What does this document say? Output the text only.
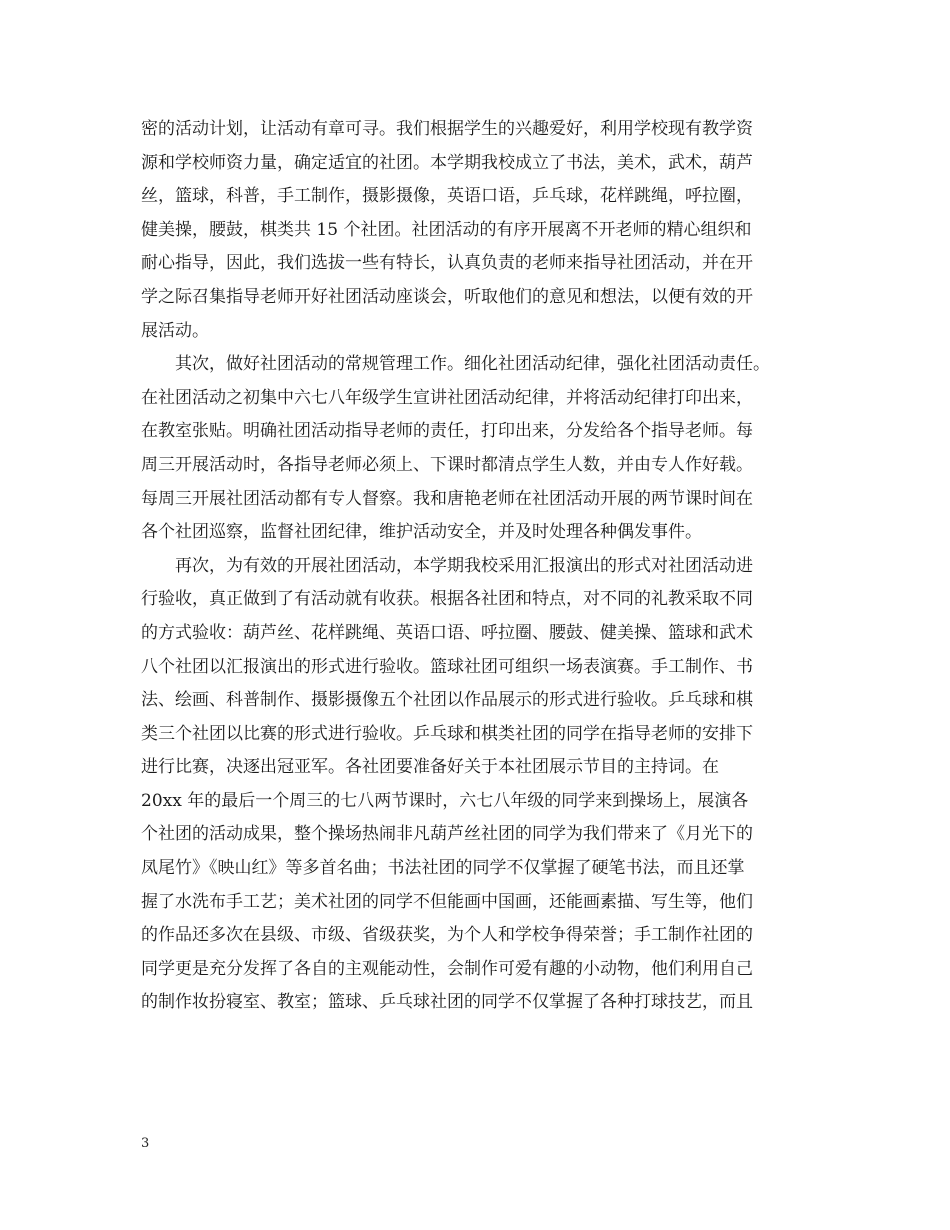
密的活动计划，让活动有章可寻。我们根据学生的兴趣爱好，利用学校现有教学资
源和学校师资力量，确定适宜的社团。本学期我校成立了书法，美术，武术，葫芦
丝，篮球，科普，手工制作，摄影摄像，英语口语，乒乓球，花样跳绳，呼拉圈，
健美操，腰鼓，棋类共 15 个社团。社团活动的有序开展离不开老师的精心组织和
耐心指导，因此，我们选拔一些有特长，认真负责的老师来指导社团活动，并在开
学之际召集指导老师开好社团活动座谈会，听取他们的意见和想法，以便有效的开
展活动。
　　其次，做好社团活动的常规管理工作。细化社团活动纪律，强化社团活动责任。
在社团活动之初集中六七八年级学生宣讲社团活动纪律，并将活动纪律打印出来，
在教室张贴。明确社团活动指导老师的责任，打印出来，分发给各个指导老师。每
周三开展活动时，各指导老师必须上、下课时都清点学生人数，并由专人作好载。
每周三开展社团活动都有专人督察。我和唐艳老师在社团活动开展的两节课时间在
各个社团巡察，监督社团纪律，维护活动安全，并及时处理各种偶发事件。
　　再次，为有效的开展社团活动，本学期我校采用汇报演出的形式对社团活动进
行验收，真正做到了有活动就有收获。根据各社团和特点，对不同的礼教采取不同
的方式验收：葫芦丝、花样跳绳、英语口语、呼拉圈、腰鼓、健美操、篮球和武术
八个社团以汇报演出的形式进行验收。篮球社团可组织一场表演赛。手工制作、书
法、绘画、科普制作、摄影摄像五个社团以作品展示的形式进行验收。乒乓球和棋
类三个社团以比赛的形式进行验收。乒乓球和棋类社团的同学在指导老师的安排下
进行比赛，决逐出冠亚军。各社团要准备好关于本社团展示节目的主持词。在
20xx 年的最后一个周三的七八两节课时，六七八年级的同学来到操场上，展演各
个社团的活动成果，整个操场热闹非凡葫芦丝社团的同学为我们带来了《月光下的
凤尾竹》《映山红》等多首名曲；书法社团的同学不仅掌握了硬笔书法，而且还掌
握了水洗布手工艺；美术社团的同学不但能画中国画，还能画素描、写生等，他们
的作品还多次在县级、市级、省级获奖，为个人和学校争得荣誉；手工制作社团的
同学更是充分发挥了各自的主观能动性，会制作可爱有趣的小动物，他们利用自己
的制作妆扮寝室、教室；篮球、乒乓球社团的同学不仅掌握了各种打球技艺，而且
3
